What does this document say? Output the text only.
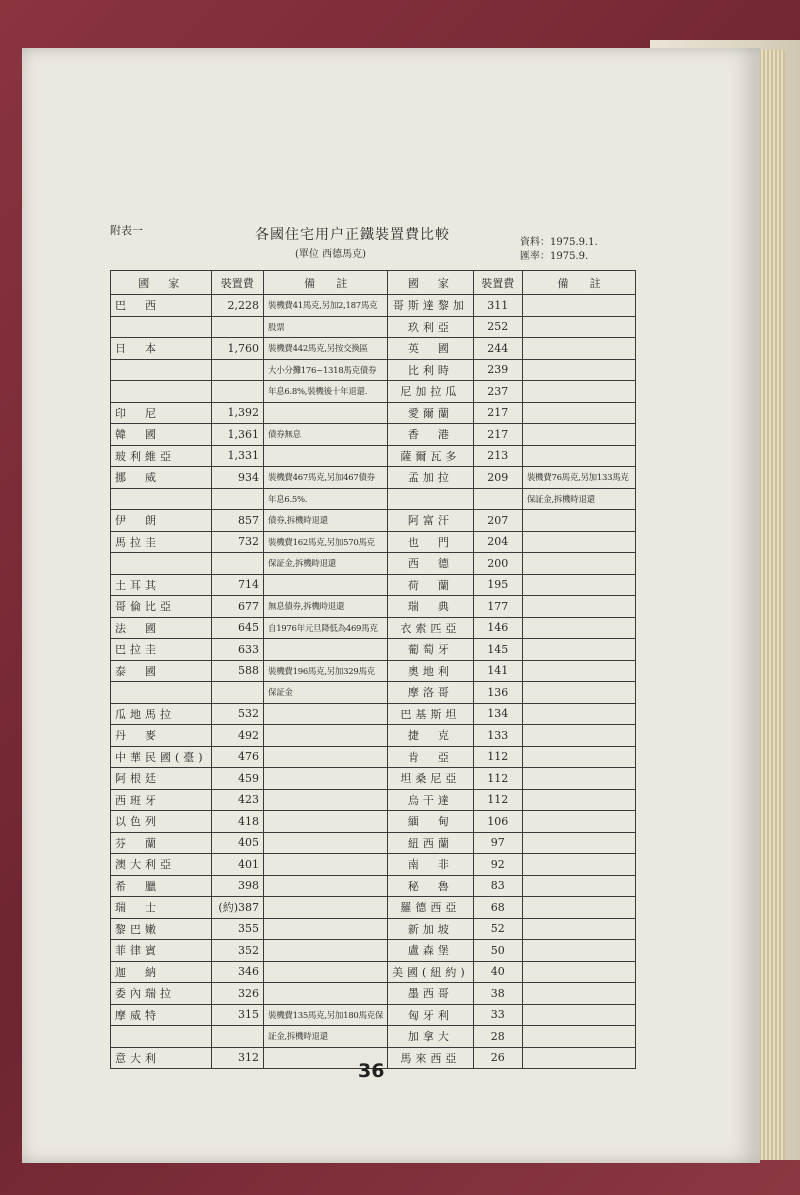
附表一	各國住宅用户正鐵裝置費比較
(單位 西德馬克)
資料：1975.9.1.
匯率：1975.9.
國　家	裝置費	備　　註	國　家	裝置費	備　　註
巴　西	2,228	裝機費41馬克,另加2,187馬克	哥斯達黎加	311	
		股票	玖利亞	252	
日　本	1,760	裝機費442馬克,另按交換區	英　國	244	
		大小分攤176~1318馬克債券	比利時	239	
		年息6.8%,裝機後十年退還.	尼加拉瓜	237	
印　尼	1,392		愛爾蘭	217	
韓　國	1,361	債券無息	香　港	217	
玻利維亞	1,331		薩爾瓦多	213	
挪　威	934	裝機費467馬克,另加467債券	孟加拉	209	裝機費76馬克,另加133馬克
		年息6.5%.			保証金,拆機時退還
伊　朗	857	債券,拆機時退還	阿富汗	207	
馬拉圭	732	裝機費162馬克,另加570馬克	也　門	204	
		保証金,拆機時退還	西　德	200	
土耳其	714		荷　蘭	195	
哥倫比亞	677	無息債券,拆機時退還	瑞　典	177	
法　國	645	自1976年元旦降低為469馬克	衣索匹亞	146	
巴拉圭	633		葡萄牙	145	
泰　國	588	裝機費196馬克,另加329馬克	奧地利	141	
		保証金	摩洛哥	136	
瓜地馬拉	532		巴基斯坦	134	
丹　麥	492		捷　克	133	
中華民國(臺)	476		肯　亞	112	
阿根廷	459		坦桑尼亞	112	
西班牙	423		烏干達	112	
以色列	418		緬　甸	106	
芬　蘭	405		紐西蘭	97	
澳大利亞	401		南　非	92	
希　臘	398		秘　魯	83	
瑞　士	(約)387		羅德西亞	68	
黎巴嫩	355		新加坡	52	
菲律賓	352		盧森堡	50	
迦　納	346		美國(紐約)	40	
委內瑞拉	326		墨西哥	38	
摩威特	315	裝機費135馬克,另加180馬克保	匈牙利	33	
		証金,拆機時退還	加拿大	28	
意大利	312		馬來西亞	26	
36
